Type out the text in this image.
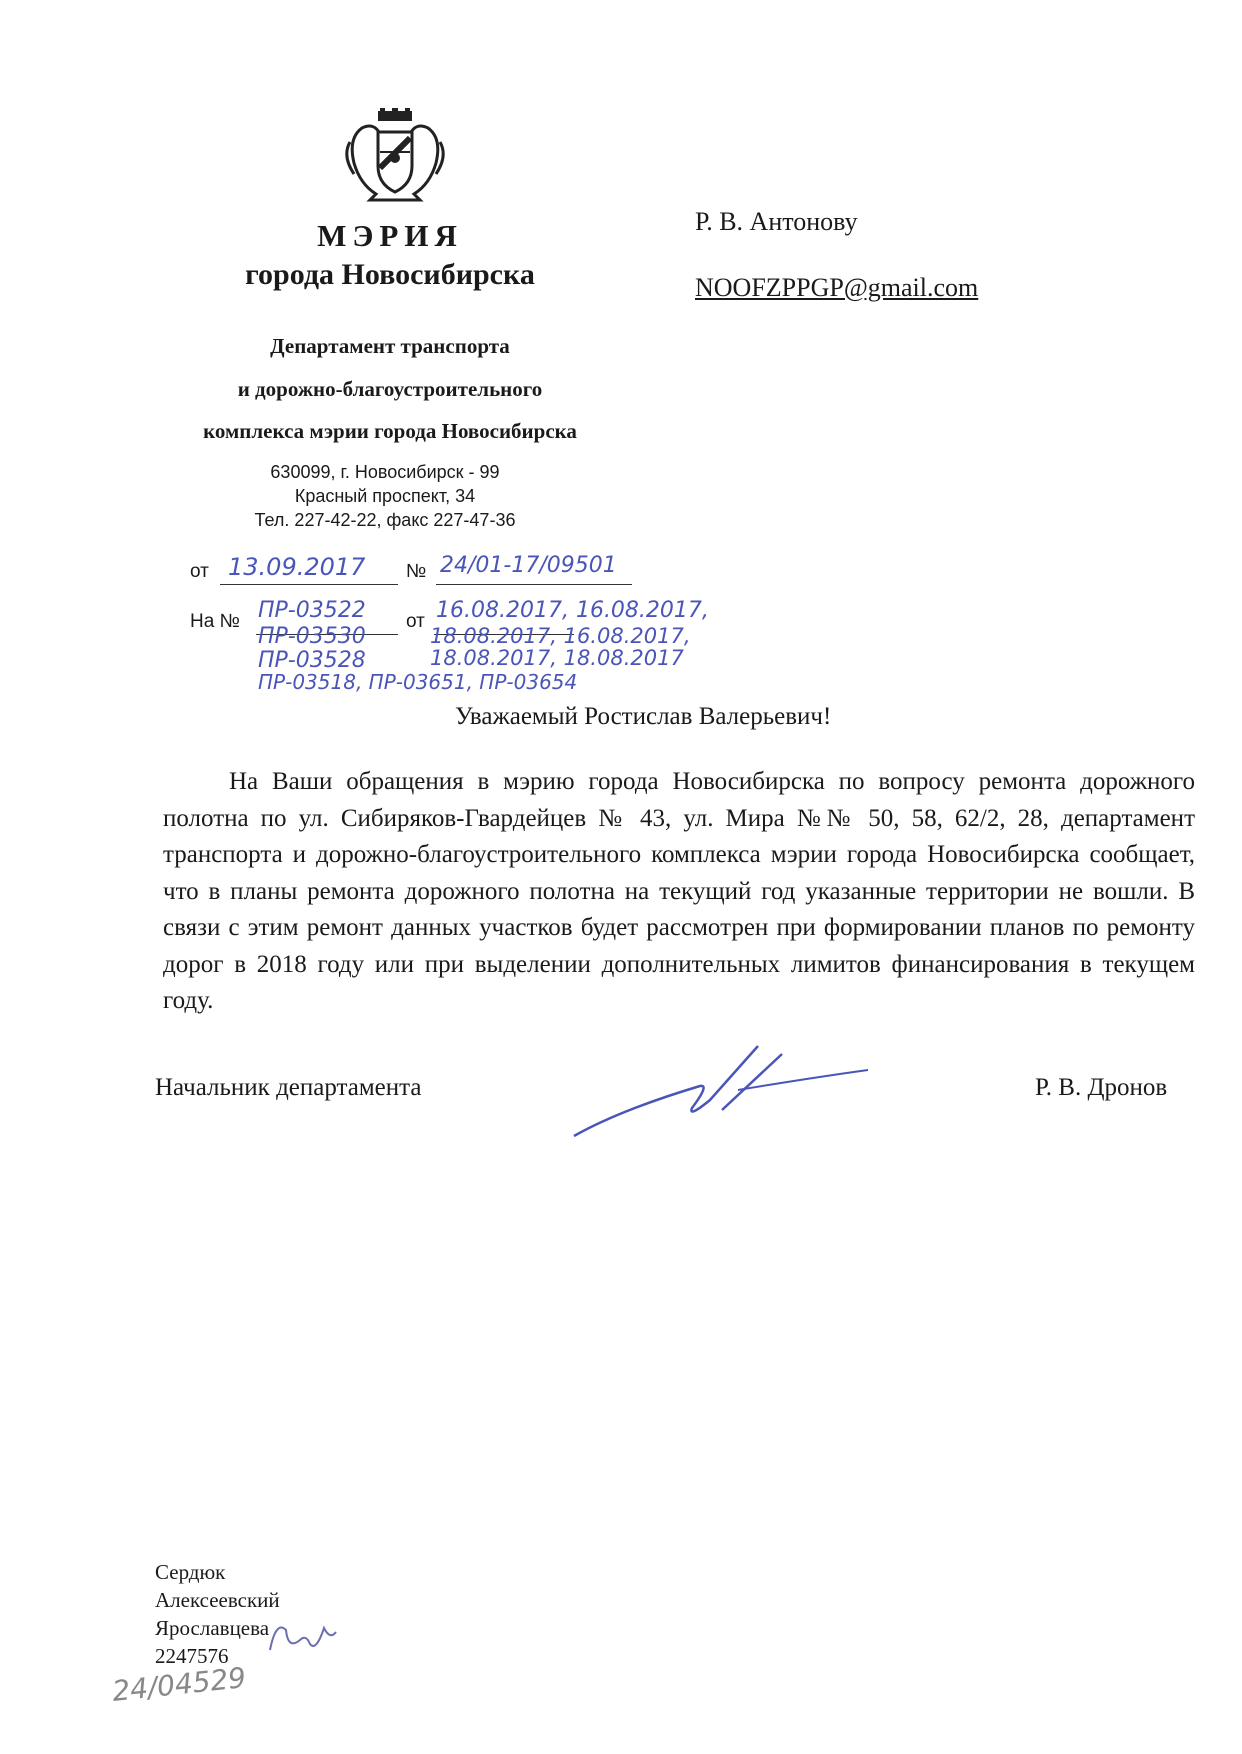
МЭРИЯ
города Новосибирска
Департамент транспорта
и дорожно-благоустроительного
комплекса мэрии города Новосибирска
630099, г. Новосибирск - 99
Красный проспект, 34
Тел. 227-42-22, факс 227-47-36
Р. В. Антонову
NOOFZPPGP@gmail.com
от 13.09.2017 № 24/01-17/09501
На №	от
ПР-03522
ПР-03530
ПР-03528
ПР-03518, ПР-03651, ПР-03654
16.08.2017, 16.08.2017,
18.08.2017, 16.08.2017,
18.08.2017, 18.08.2017
Уважаемый Ростислав Валерьевич!
На Ваши обращения в мэрию города Новосибирска по вопросу ремонта дорожного полотна по ул. Сибиряков-Гвардейцев № 43, ул. Мира №№ 50, 58, 62/2, 28, департамент транспорта и дорожно-благоустроительного комплекса мэрии города Новосибирска сообщает, что в планы ремонта дорожного полотна на текущий год указанные территории не вошли. В связи с этим ремонт данных участков будет рассмотрен при формировании планов по ремонту дорог в 2018 году или при выделении дополнительных лимитов финансирования в текущем году.
Начальник департамента	Р. В. Дронов
Сердюк
Алексеевский
Ярославцева
2247576
24/04529
